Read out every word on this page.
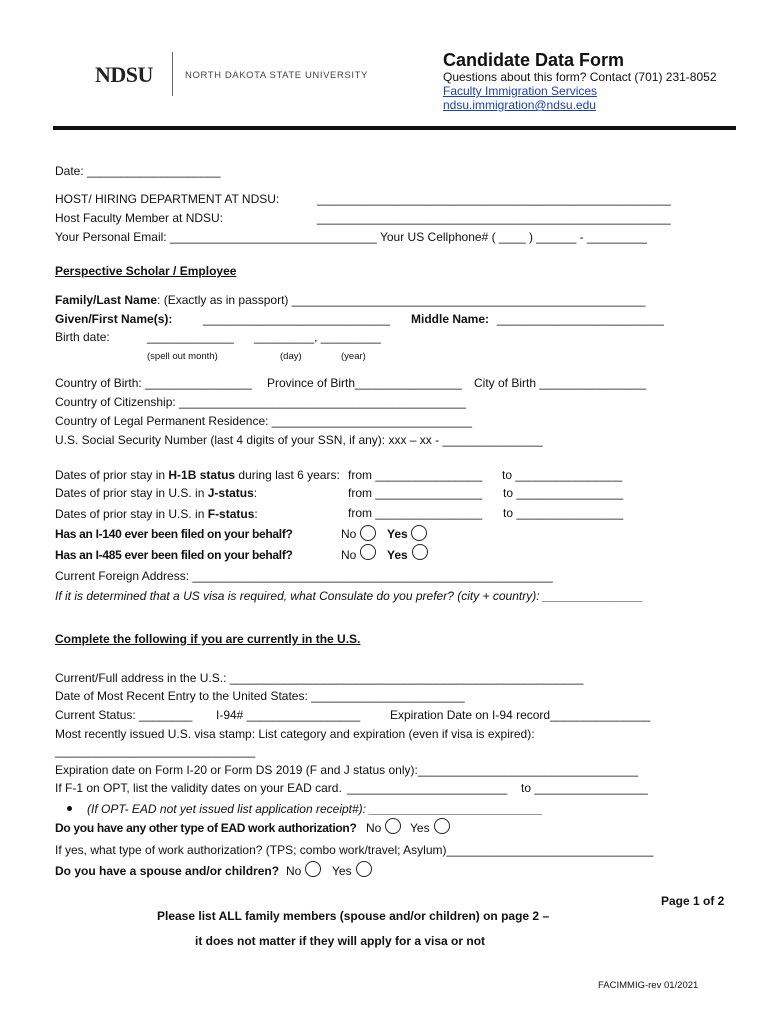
NDSU	NORTH DAKOTA STATE UNIVERSITY
Candidate Data Form
Questions about this form? Contact (701) 231-8052
Faculty Immigration Services
ndsu.immigration@ndsu.edu
Date: ____________________
HOST/ HIRING DEPARTMENT AT NDSU:	_____________________________________________________
Host Faculty Member at NDSU:	_____________________________________________________
Your Personal Email: _______________________________ Your US Cellphone# ( ____ ) ______ - _________
Perspective Scholar / Employee
Family/Last Name: (Exactly as in passport) _____________________________________________________
Given/First Name(s):	____________________________ Middle Name: _________________________
Birth date:	_____________ _________, _________
(spell out month)	(day)	(year)
Country of Birth: ________________ Province of Birth________________ City of Birth ________________
Country of Citizenship: ___________________________________________
Country of Legal Permanent Residence: ______________________________
U.S. Social Security Number (last 4 digits of your SSN, if any): xxx – xx - _______________
Dates of prior stay in H-1B status during last 6 years: from ________________ to ________________
Dates of prior stay in U.S. in J-status:	from ________________ to ________________
Dates of prior stay in U.S. in F-status:	from ________________ to ________________
Has an I-140 ever been filed on your behalf?	No	Yes
Has an I-485 ever been filed on your behalf?	No	Yes
Current Foreign Address: ______________________________________________________
If it is determined that a US visa is required, what Consulate do you prefer? (city + country): _______________
Complete the following if you are currently in the U.S.
Current/Full address in the U.S.: _____________________________________________________
Date of Most Recent Entry to the United States: _______________________
Current Status: ________ I-94# _________________ Expiration Date on I-94 record_______________
Most recently issued U.S. visa stamp: List category and expiration (even if visa is expired):
______________________________
Expiration date on Form I-20 or Form DS 2019 (F and J status only):_________________________________
If F-1 on OPT, list the validity dates on your EAD card. ________________________ to _________________
(If OPT- EAD not yet issued list application receipt#): __________________________
Do you have any other type of EAD work authorization? No Yes
If yes, what type of work authorization? (TPS; combo work/travel; Asylum)_______________________________
Do you have a spouse and/or children? No	Yes
Page 1 of 2
Please list ALL family members (spouse and/or children) on page 2 –
it does not matter if they will apply for a visa or not
FACIMMIG-rev 01/2021
